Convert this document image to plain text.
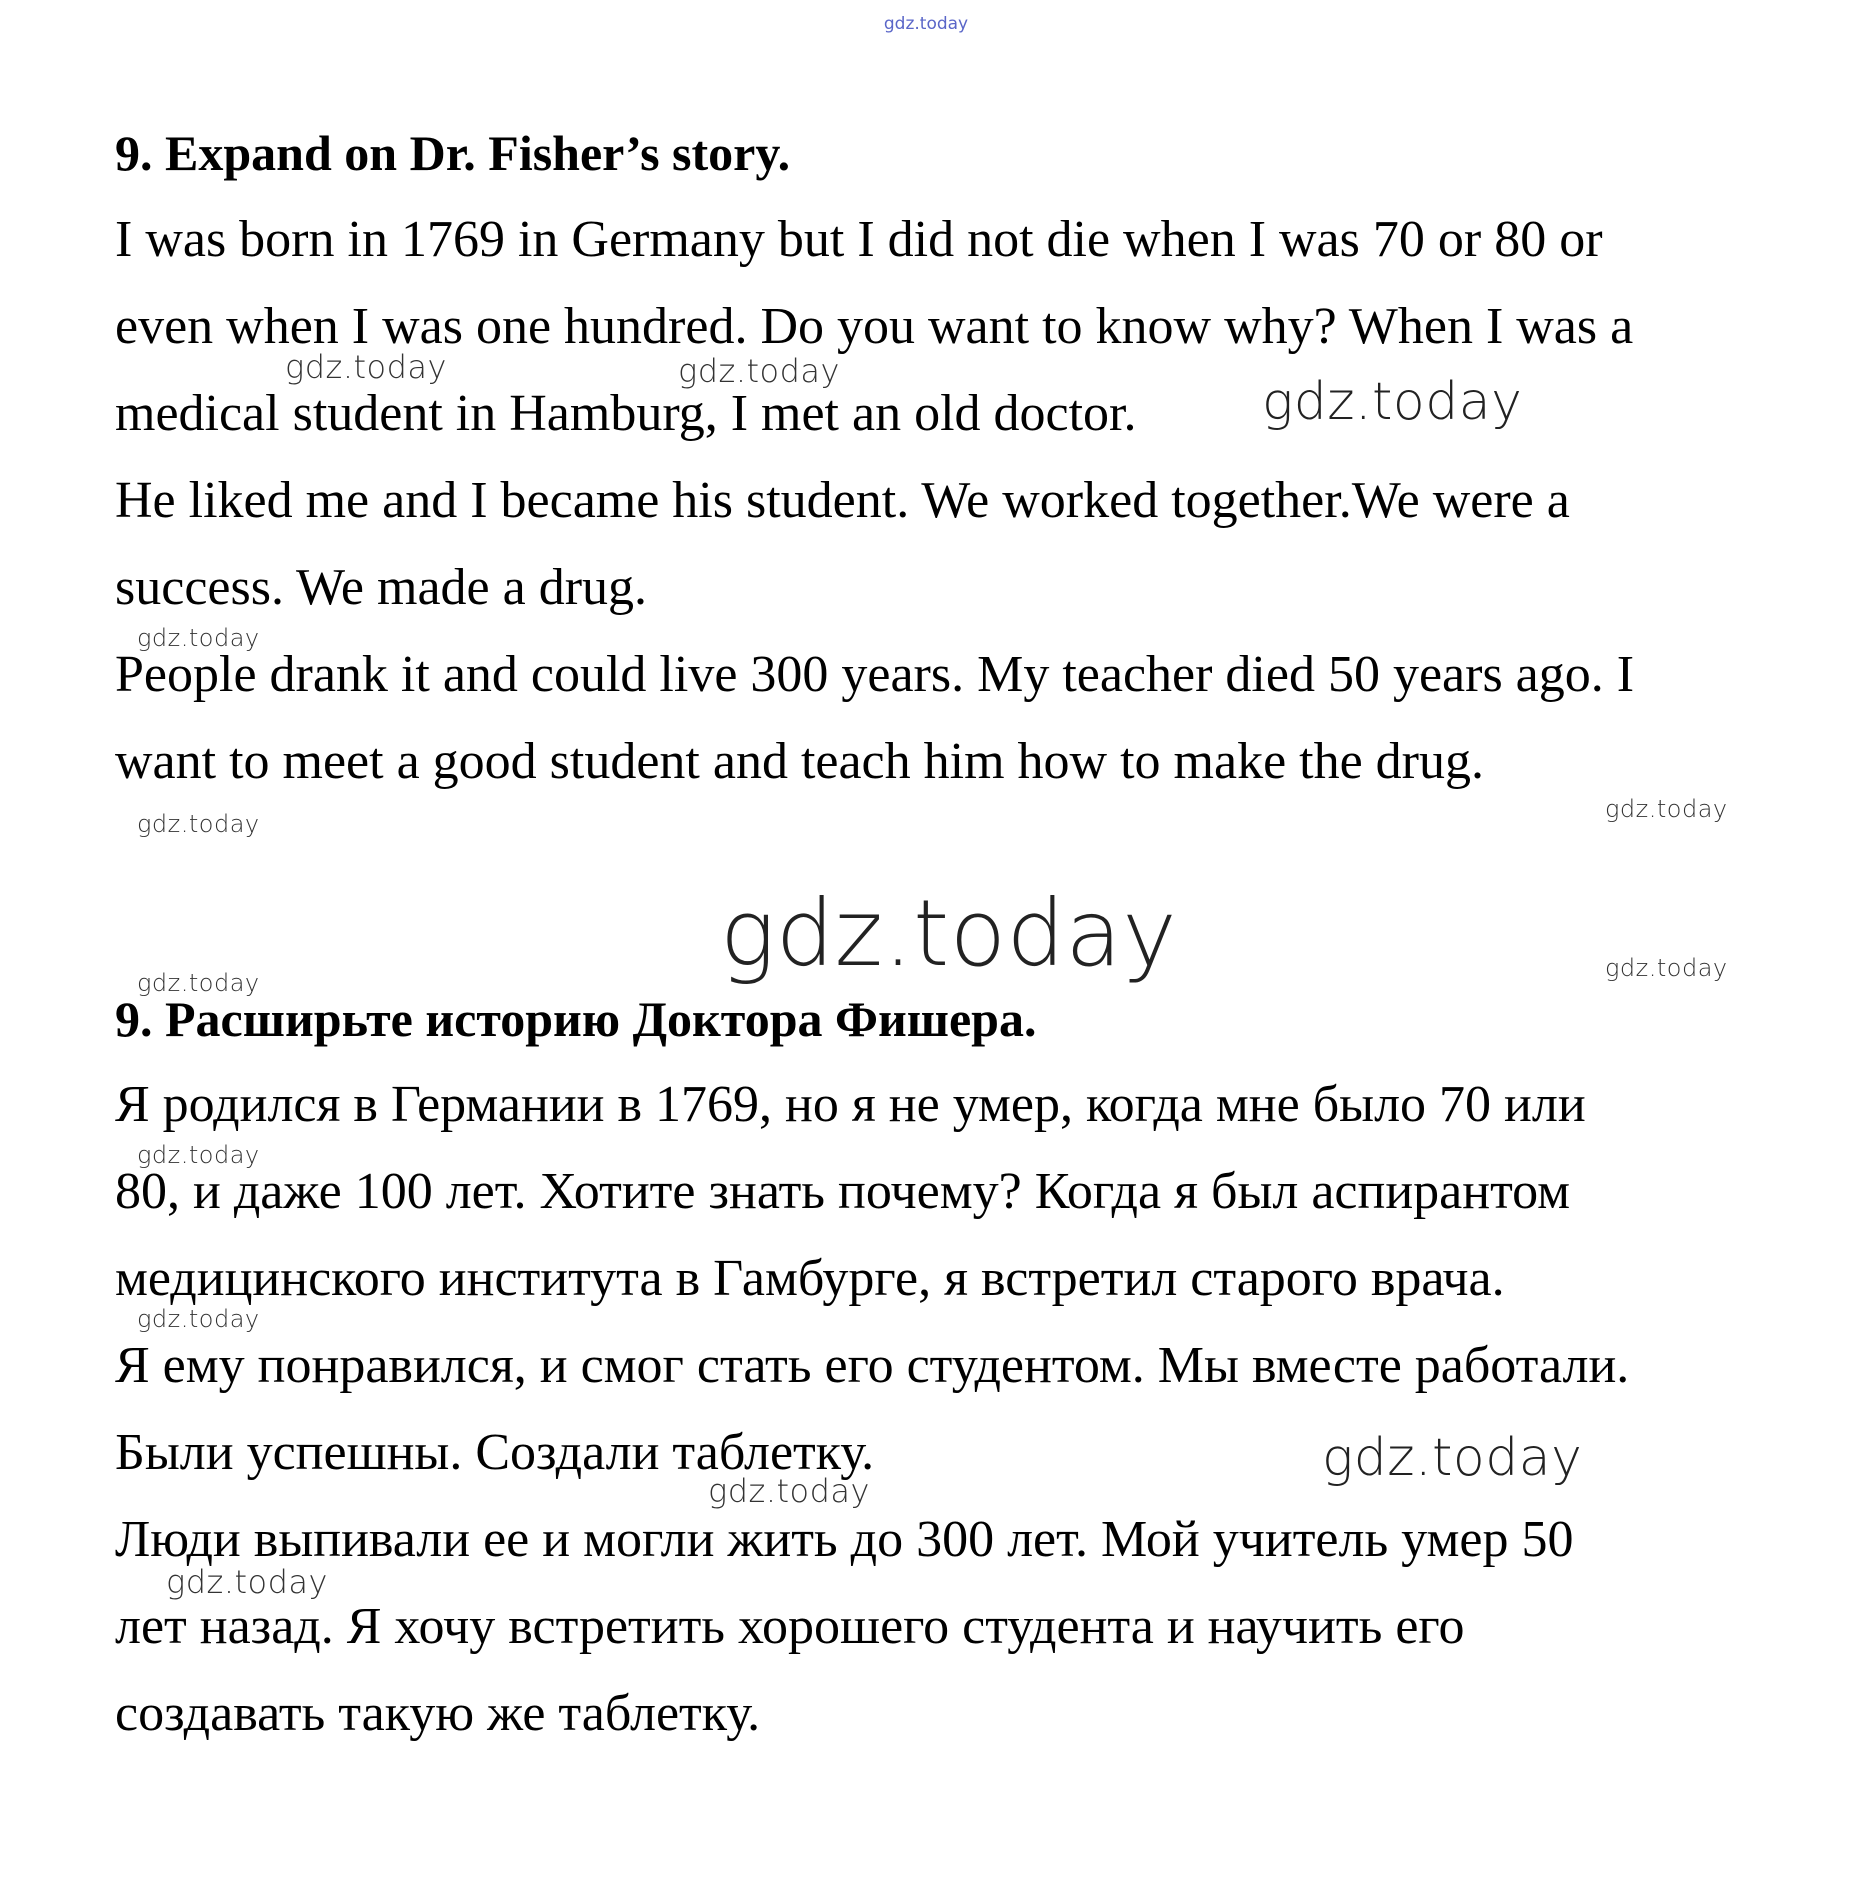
gdz.today
9. Expand on Dr. Fisher’s story.
I was born in 1769 in Germany but I did not die when I was 70 or 80 or
even when I was one hundred. Do you want to know why? When I was a
medical student in Hamburg, I met an old doctor.
He liked me and I became his student. We worked together.We were a
success. We made a drug.
People drank it and could live 300 years. My teacher died 50 years ago. I
want to meet a good student and teach him how to make the drug.
9. Расширьте историю Доктора Фишера.
Я родился в Германии в 1769, но я не умер, когда мне было 70 или
80, и даже 100 лет. Хотите знать почему? Когда я был аспирантом
медицинского института в Гамбурге, я встретил старого врача.
Я ему понравился, и смог стать его студентом. Мы вместе работали.
Были успешны. Создали таблетку.
Люди выпивали ее и могли жить до 300 лет. Мой учитель умер 50
лет назад. Я хочу встретить хорошего студента и научить его
создавать такую же таблетку.
gdz.today	gdz.today
gdz.today
gdz.today
gdz.today
gdz.today
gdz.today
gdz.today
gdz.today
gdz.today
gdz.today
gdz.today
gdz.today
gdz.today
